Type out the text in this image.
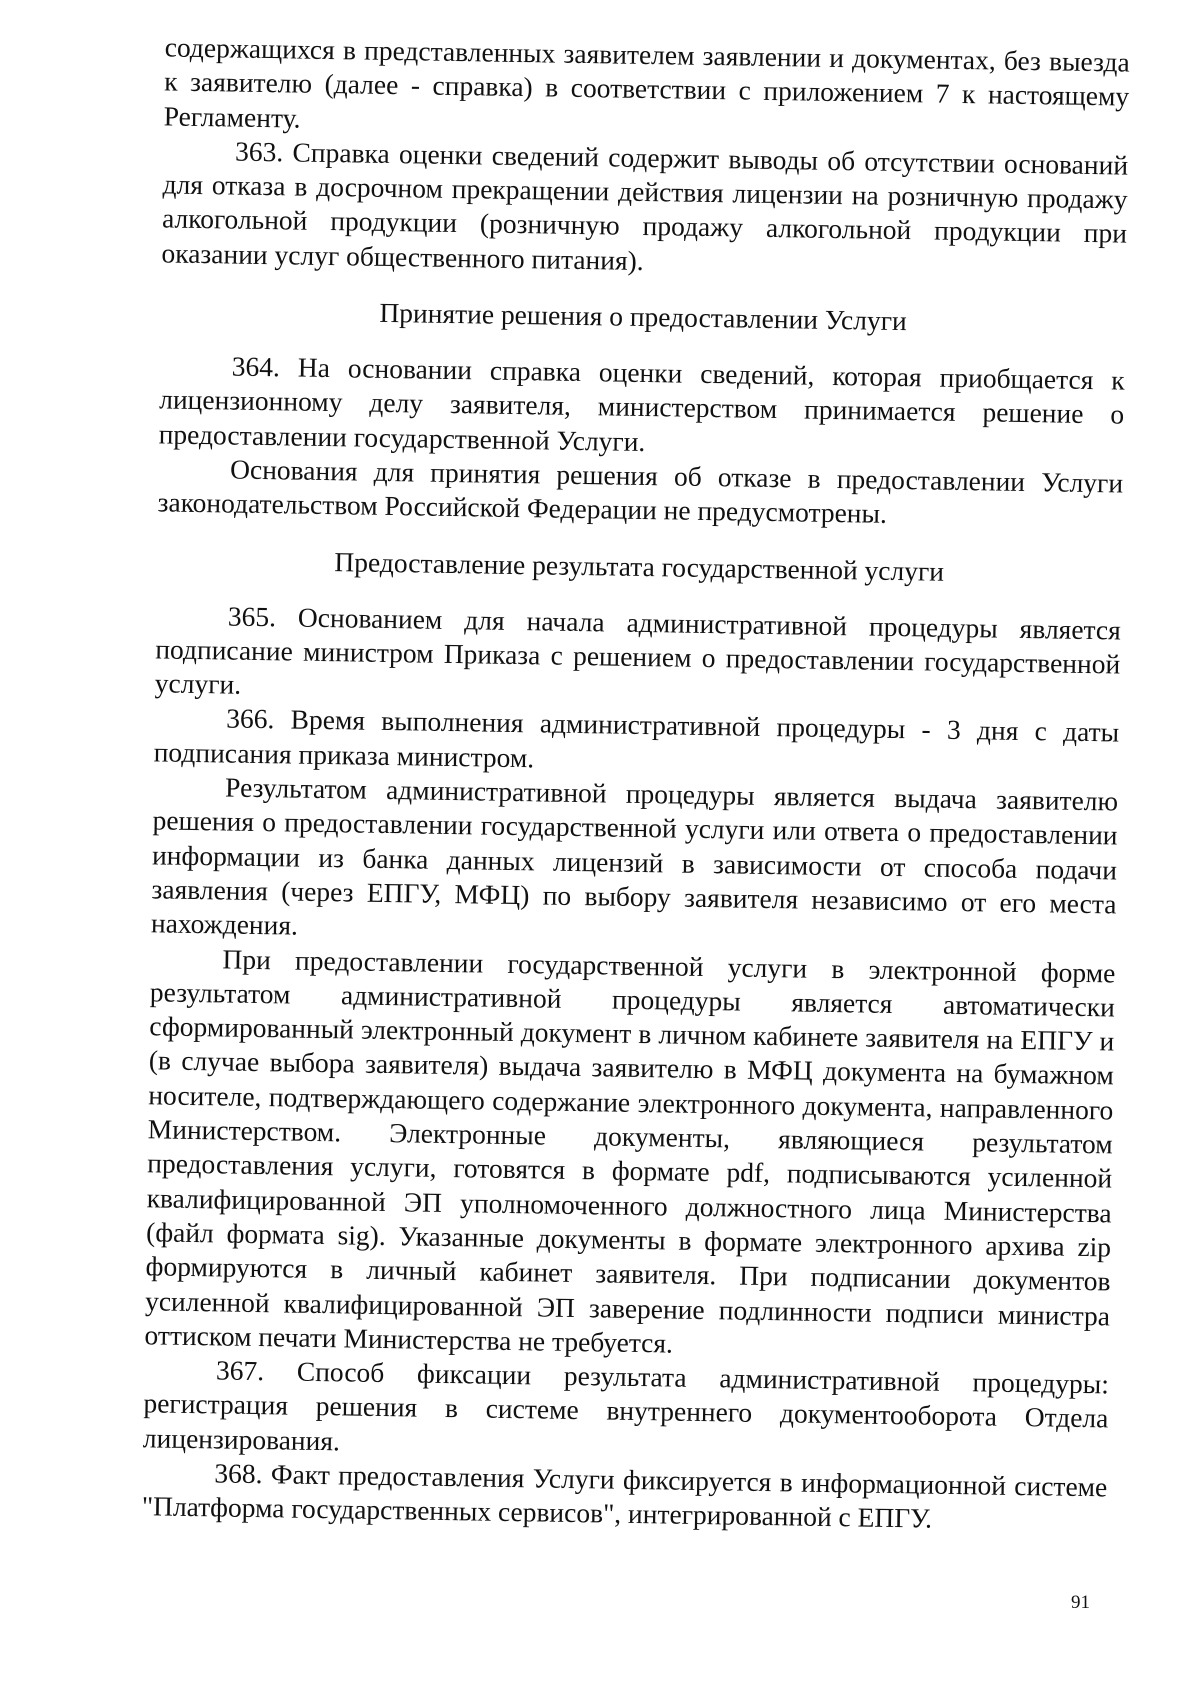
содержащихся в представленных заявителем заявлении и документах, без выезда к заявителю (далее - справка) в соответствии с приложением 7 к настоящему Регламенту.

363. Справка оценки сведений содержит выводы об отсутствии оснований для отказа в досрочном прекращении действия лицензии на розничную продажу алкогольной продукции (розничную продажу алкогольной продукции при оказании услуг общественного питания).

Принятие решения о предоставлении Услуги

364. На основании справка оценки сведений, которая приобщается к лицензионному делу заявителя, министерством принимается решение о предоставлении государственной Услуги.

Основания для принятия решения об отказе в предоставлении Услуги законодательством Российской Федерации не предусмотрены.

Предоставление результата государственной услуги

365. Основанием для начала административной процедуры является подписание министром Приказа с решением о предоставлении государственной услуги.

366. Время выполнения административной процедуры - 3 дня с даты подписания приказа министром.

Результатом административной процедуры является выдача заявителю решения о предоставлении государственной услуги или ответа о предоставлении информации из банка данных лицензий в зависимости от способа подачи заявления (через ЕПГУ, МФЦ) по выбору заявителя независимо от его места нахождения.

При предоставлении государственной услуги в электронной форме результатом административной процедуры является автоматически сформированный электронный документ в личном кабинете заявителя на ЕПГУ и (в случае выбора заявителя) выдача заявителю в МФЦ документа на бумажном носителе, подтверждающего содержание электронного документа, направленного Министерством. Электронные документы, являющиеся результатом предоставления услуги, готовятся в формате pdf, подписываются усиленной квалифицированной ЭП уполномоченного должностного лица Министерства (файл формата sig). Указанные документы в формате электронного архива zip формируются в личный кабинет заявителя. При подписании документов усиленной квалифицированной ЭП заверение подлинности подписи министра оттиском печати Министерства не требуется.

367. Способ фиксации результата административной процедуры: регистрация решения в системе внутреннего документооборота Отдела лицензирования.

368. Факт предоставления Услуги фиксируется в информационной системе "Платформа государственных сервисов", интегрированной с ЕПГУ.

91
